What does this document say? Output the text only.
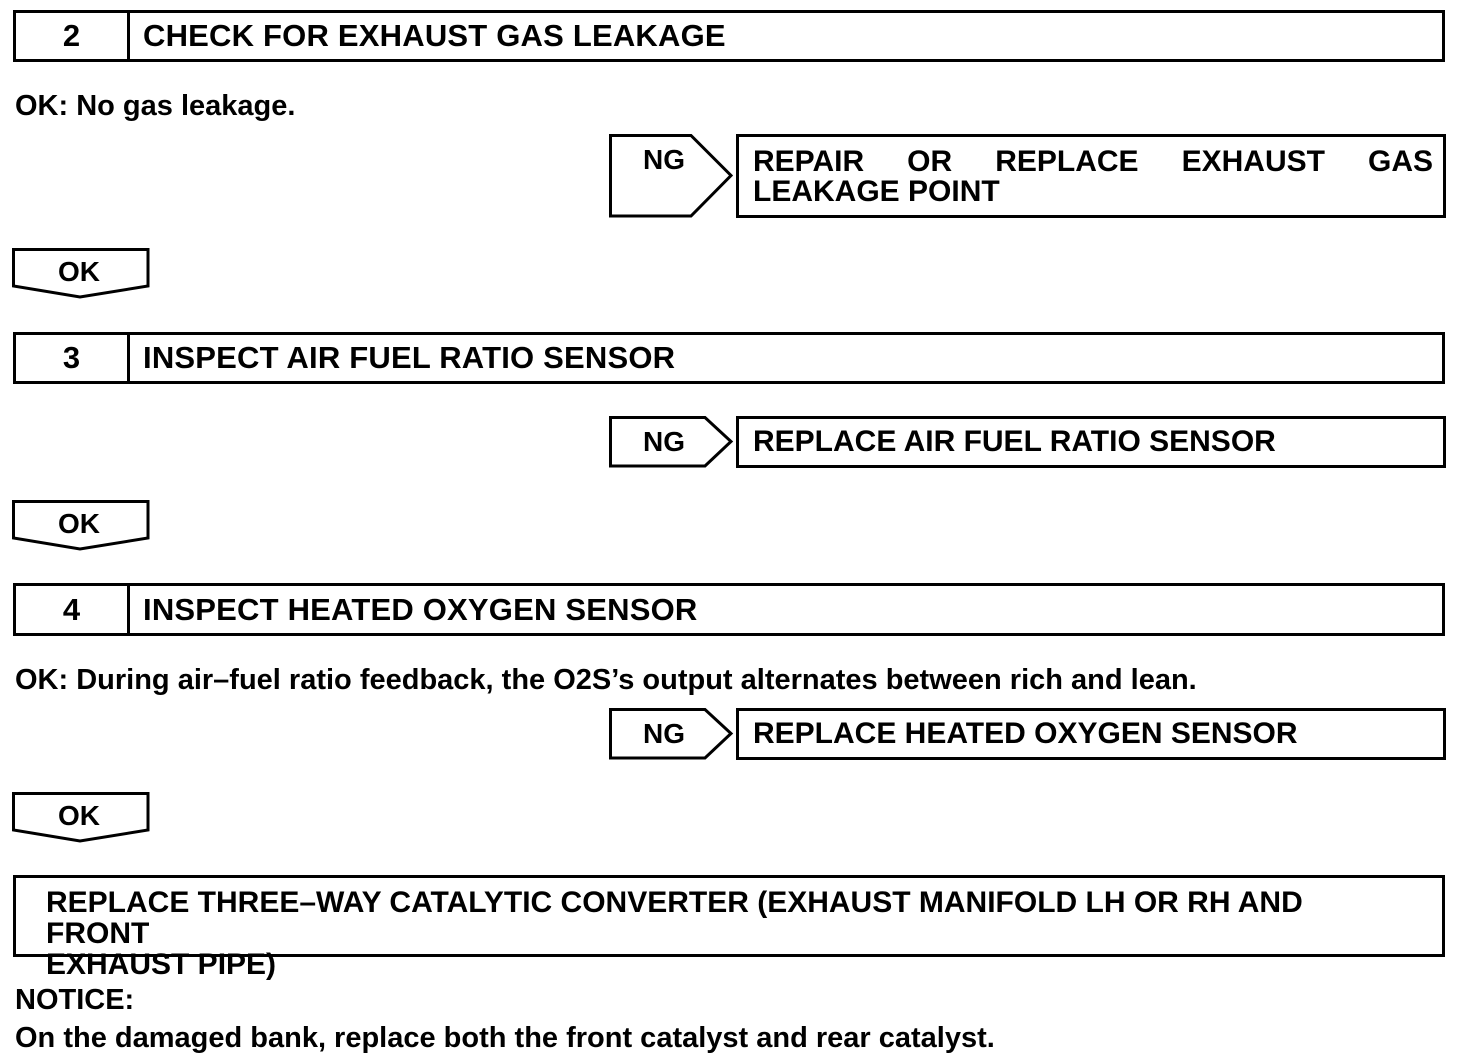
2	CHECK FOR EXHAUST GAS LEAKAGE
OK: No gas leakage.
NG	REPAIR OR REPLACE EXHAUST GAS
LEAKAGE POINT
OK
3	INSPECT AIR FUEL RATIO SENSOR
NG	REPLACE AIR FUEL RATIO SENSOR
OK
4	INSPECT HEATED OXYGEN SENSOR
OK: During air–fuel ratio feedback, the O2S’s output alternates between rich and lean.
NG	REPLACE HEATED OXYGEN SENSOR
OK
REPLACE THREE–WAY CATALYTIC CONVERTER (EXHAUST MANIFOLD LH OR RH AND FRONT
EXHAUST PIPE)
NOTICE:
On the damaged bank, replace both the front catalyst and rear catalyst.
